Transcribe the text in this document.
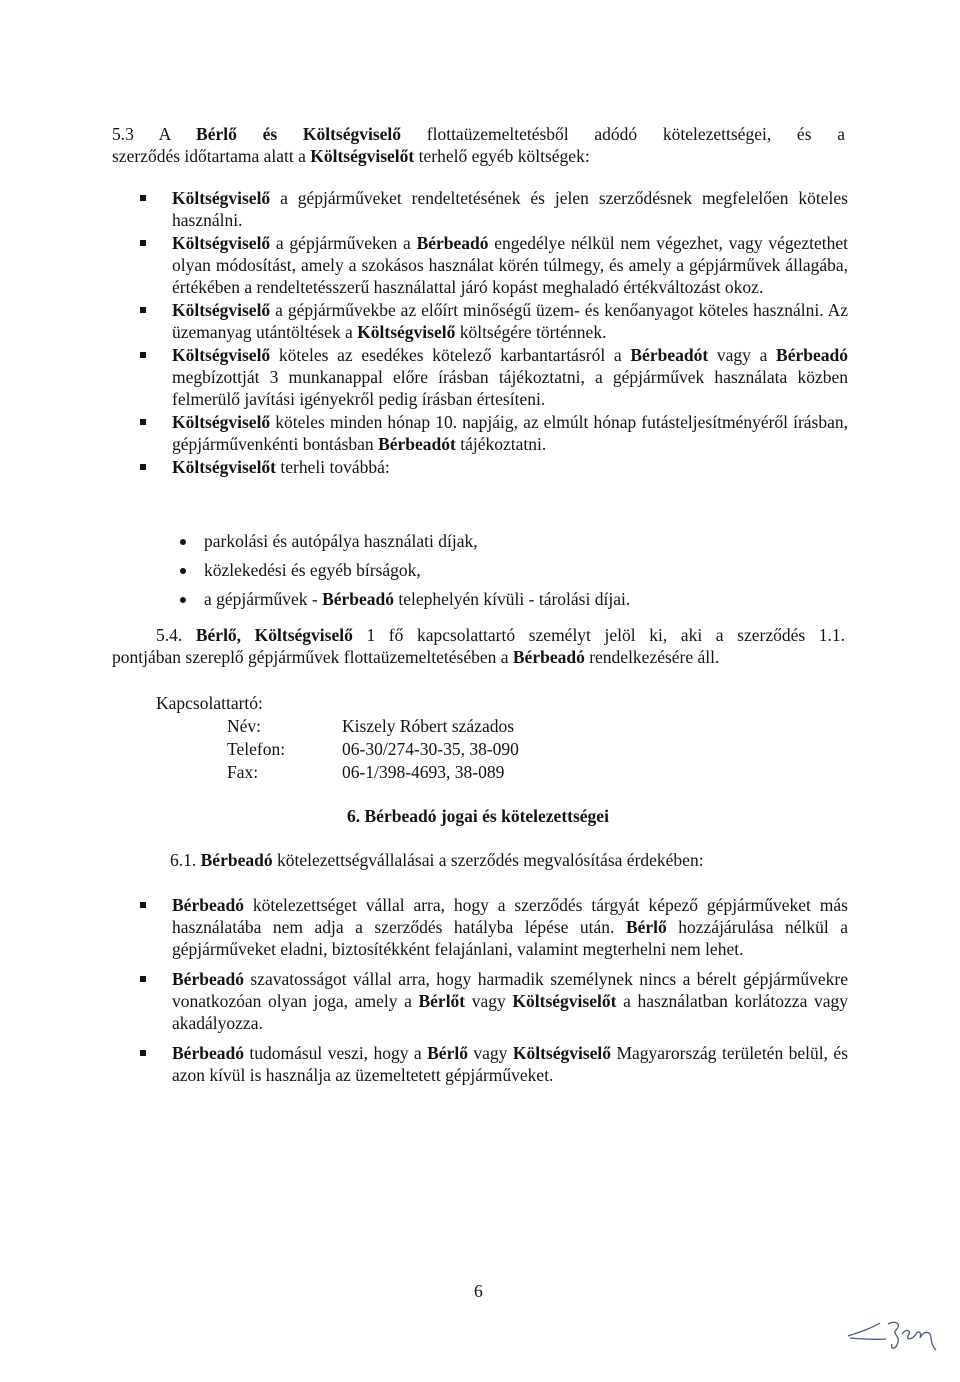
5.3 A Bérlő és Költségviselő flottaüzemeltetésből adódó kötelezettségei, és a
szerződés időtartama alatt a Költségviselőt terhelő egyéb költségek:
Költségviselő a gépjárműveket rendeltetésének és jelen szerződésnek megfelelően köteles használni.
Költségviselő a gépjárműveken a Bérbeadó engedélye nélkül nem végezhet, vagy végeztethet olyan módosítást, amely a szokásos használat körén túlmegy, és amely a gépjárművek állagába, értékében a rendeltetésszerű használattal járó kopást meghaladó értékváltozást okoz.
Költségviselő a gépjárművekbe az előírt minőségű üzem- és kenőanyagot köteles használni. Az üzemanyag utántöltések a Költségviselő költségére történnek.
Költségviselő köteles az esedékes kötelező karbantartásról a Bérbeadót vagy a Bérbeadó megbízottját 3 munkanappal előre írásban tájékoztatni, a gépjárművek használata közben felmerülő javítási igényekről pedig írásban értesíteni.
Költségviselő köteles minden hónap 10. napjáig, az elmúlt hónap futásteljesítményéről írásban, gépjárművenkénti bontásban Bérbeadót tájékoztatni.
Költségviselőt terheli továbbá:
parkolási és autópálya használati díjak,
közlekedési és egyéb bírságok,
a gépjárművek - Bérbeadó telephelyén kívüli - tárolási díjai.
5.4. Bérlő, Költségviselő 1 fő kapcsolattartó személyt jelöl ki, aki a szerződés 1.1.
pontjában szereplő gépjárművek flottaüzemeltetésében a Bérbeadó rendelkezésére áll.
Kapcsolattartó:
Név:	Kiszely Róbert százados
Telefon:	06-30/274-30-35, 38-090
Fax:	06-1/398-4693, 38-089
6. Bérbeadó jogai és kötelezettségei
6.1. Bérbeadó kötelezettségvállalásai a szerződés megvalósítása érdekében:
Bérbeadó kötelezettséget vállal arra, hogy a szerződés tárgyát képező gépjárműveket más használatába nem adja a szerződés hatályba lépése utá​n. Bérlő hozzájárulása nélkül a gépjárműveket eladni, biztosítékként felajánlani, valamint megterhelni nem lehet.
Bérbeadó szavatosságot vállal arra, hogy harmadik személynek nincs a bérelt gépjárművekre vonatkozóan olyan joga, amely a Bérlőt vagy Költségviselőt a használatban korlátozza vagy akadályozza.
Bérbeadó tudomásul veszi, hogy a Bérlő vagy Költségviselő Magyarország területén belül, és azon kívül is használja az üzemeltetett gépjárműveket.
6
